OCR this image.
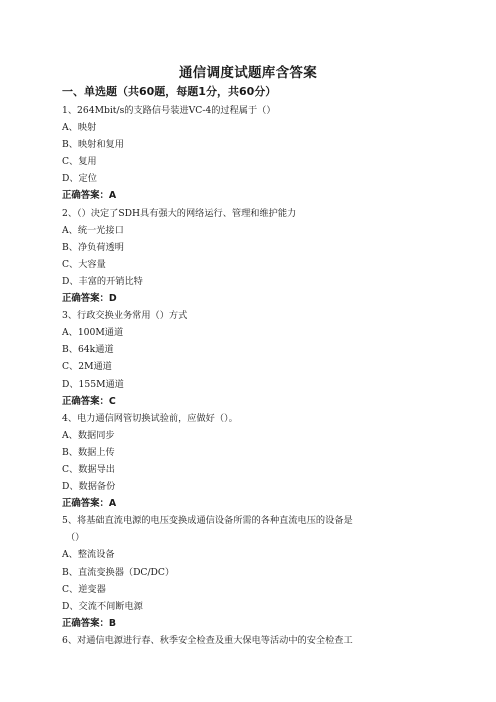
通信调度试题库含答案
一、单选题（共60题，每题1分，共60分）
1、264Mbit/s的支路信号装进VC-4的过程属于（）
A、映射
B、映射和复用
C、复用
D、定位
正确答案：A
2、（）决定了SDH具有强大的网络运行、管理和维护能力
A、统一光接口
B、净负荷透明
C、大容量
D、丰富的开销比特
正确答案：D
3、行政交换业务常用（）方式
A、100M通道
B、64k通道
C、2M通道
D、155M通道
正确答案：C
4、电力通信网管切换试验前，应做好（）。
A、数据同步
B、数据上传
C、数据导出
D、数据备份
正确答案：A
5、将基础直流电源的电压变换成通信设备所需的各种直流电压的设备是
（）
A、整流设备
B、直流变换器（DC/DC）
C、逆变器
D、交流不间断电源
正确答案：B
6、对通信电源进行春、秋季安全检查及重大保电等活动中的安全检查工
